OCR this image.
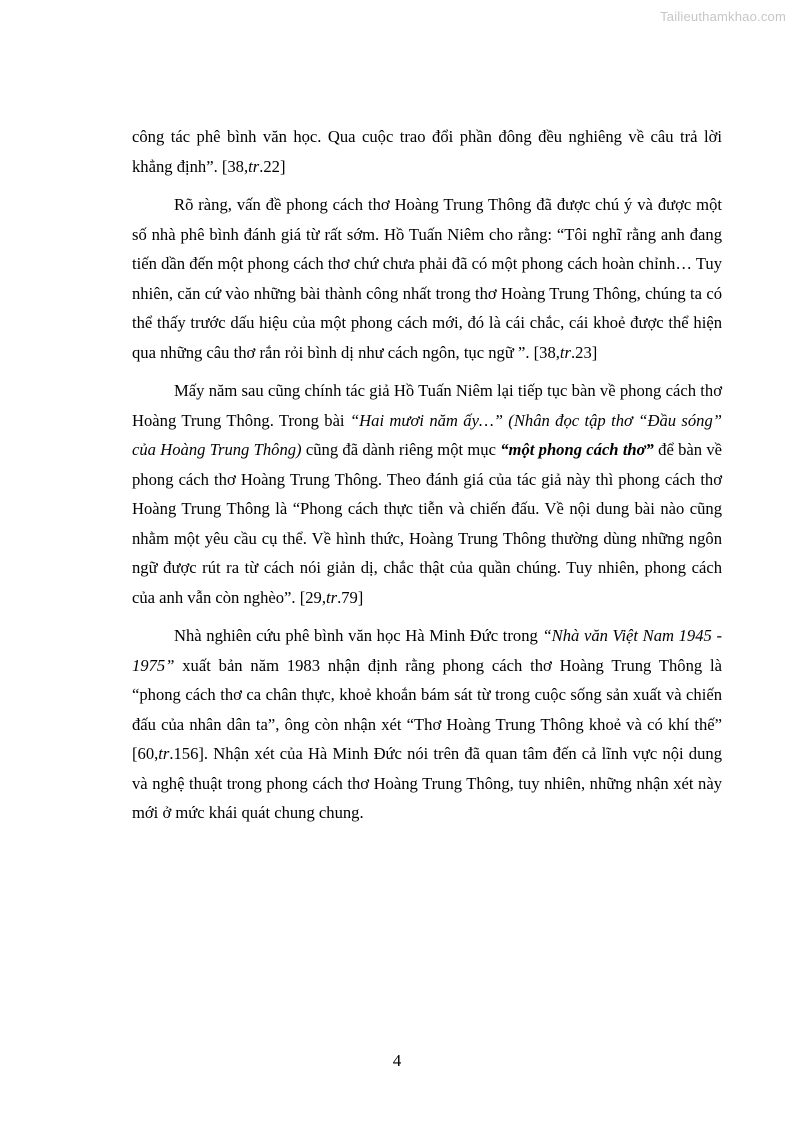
Tailieuthamkhao.com

công tác phê bình văn học. Qua cuộc trao đổi phần đông đều nghiêng về câu trả lời khẳng định”. [38,tr.22]

Rõ ràng, vấn đề phong cách thơ Hoàng Trung Thông đã được chú ý và được một số nhà phê bình đánh giá từ rất sớm. Hồ Tuấn Niêm cho rằng: “Tôi nghĩ rằng anh đang tiến dần đến một phong cách thơ chứ chưa phải đã có một phong cách hoàn chỉnh… Tuy nhiên, căn cứ vào những bài thành công nhất trong thơ Hoàng Trung Thông, chúng ta có thể thấy trước dấu hiệu của một phong cách mới, đó là cái chắc, cái khoẻ được thể hiện qua những câu thơ rắn rỏi bình dị như cách ngôn, tục ngữ ”. [38,tr.23]

Mấy năm sau cũng chính tác giả Hồ Tuấn Niêm lại tiếp tục bàn về phong cách thơ Hoàng Trung Thông. Trong bài “Hai mươi năm ấy…” (Nhân đọc tập thơ “Đầu sóng” của Hoàng Trung Thông) cũng đã dành riêng một mục “một phong cách thơ” để bàn về phong cách thơ Hoàng Trung Thông. Theo đánh giá của tác giả này thì phong cách thơ Hoàng Trung Thông là “Phong cách thực tiễn và chiến đấu. Về nội dung bài nào cũng nhằm một yêu cầu cụ thể. Về hình thức, Hoàng Trung Thông thường dùng những ngôn ngữ được rút ra từ cách nói giản dị, chắc thật của quần chúng. Tuy nhiên, phong cách của anh vẫn còn nghèo”. [29,tr.79]

Nhà nghiên cứu phê bình văn học Hà Minh Đức trong “Nhà văn Việt Nam 1945 - 1975” xuất bản năm 1983 nhận định rằng phong cách thơ Hoàng Trung Thông là “phong cách thơ ca chân thực, khoẻ khoắn bám sát từ trong cuộc sống sản xuất và chiến đấu của nhân dân ta”, ông còn nhận xét “Thơ Hoàng Trung Thông khoẻ và có khí thế” [60,tr.156]. Nhận xét của Hà Minh Đức nói trên đã quan tâm đến cả lĩnh vực nội dung và nghệ thuật trong phong cách thơ Hoàng Trung Thông, tuy nhiên, những nhận xét này mới ở mức khái quát chung chung.

4
